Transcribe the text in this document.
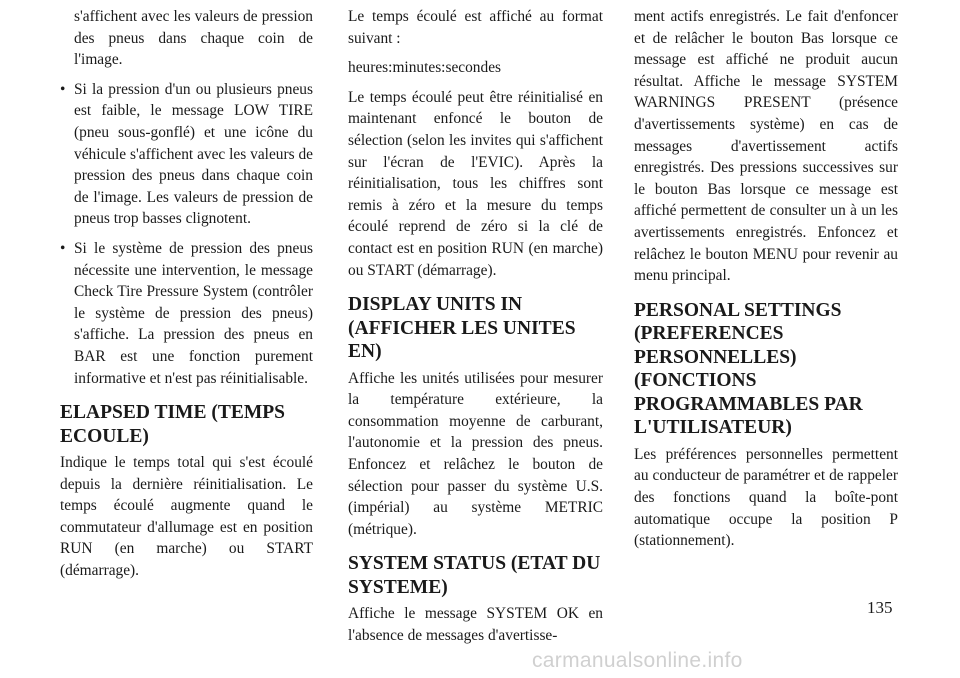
s'affichent avec les valeurs de pression des pneus dans chaque coin de l'image.

• Si la pression d'un ou plusieurs pneus est faible, le message LOW TIRE (pneu sous-gonflé) et une icône du véhicule s'affichent avec les valeurs de pression des pneus dans chaque coin de l'image. Les valeurs de pression de pneus trop basses clignotent.

• Si le système de pression des pneus nécessite une intervention, le message Check Tire Pressure System (contrôler le système de pression des pneus) s'affiche. La pression des pneus en BAR est une fonction purement informative et n'est pas réinitialisable.

ELAPSED TIME (TEMPS ECOULE)

Indique le temps total qui s'est écoulé depuis la dernière réinitialisation. Le temps écoulé augmente quand le commutateur d'allumage est en position RUN (en marche) ou START (démarrage).

Le temps écoulé est affiché au format suivant :

heures:minutes:secondes

Le temps écoulé peut être réinitialisé en maintenant enfoncé le bouton de sélection (selon les invites qui s'affichent sur l'écran de l'EVIC). Après la réinitialisation, tous les chiffres sont remis à zéro et la mesure du temps écoulé reprend de zéro si la clé de contact est en position RUN (en marche) ou START (démarrage).

DISPLAY UNITS IN (AFFICHER LES UNITES EN)

Affiche les unités utilisées pour mesurer la température extérieure, la consommation moyenne de carburant, l'autonomie et la pression des pneus. Enfoncez et relâchez le bouton de sélection pour passer du système U.S. (impérial) au système METRIC (métrique).

SYSTEM STATUS (ETAT DU SYSTEME)

Affiche le message SYSTEM OK en l'absence de messages d'avertisse-

ment actifs enregistrés. Le fait d'enfoncer et de relâcher le bouton Bas lorsque ce message est affiché ne produit aucun résultat. Affiche le message SYSTEM WARNINGS PRESENT (présence d'avertissements système) en cas de messages d'avertissement actifs enregistrés. Des pressions successives sur le bouton Bas lorsque ce message est affiché permettent de consulter un à un les avertissements enregistrés. Enfoncez et relâchez le bouton MENU pour revenir au menu principal.

PERSONAL SETTINGS (PREFERENCES PERSONNELLES) (FONCTIONS PROGRAMMABLES PAR L'UTILISATEUR)

Les préférences personnelles permettent au conducteur de paramétrer et de rappeler des fonctions quand la boîte-pont automatique occupe la position P (stationnement).

135
carmanualsonline.info
